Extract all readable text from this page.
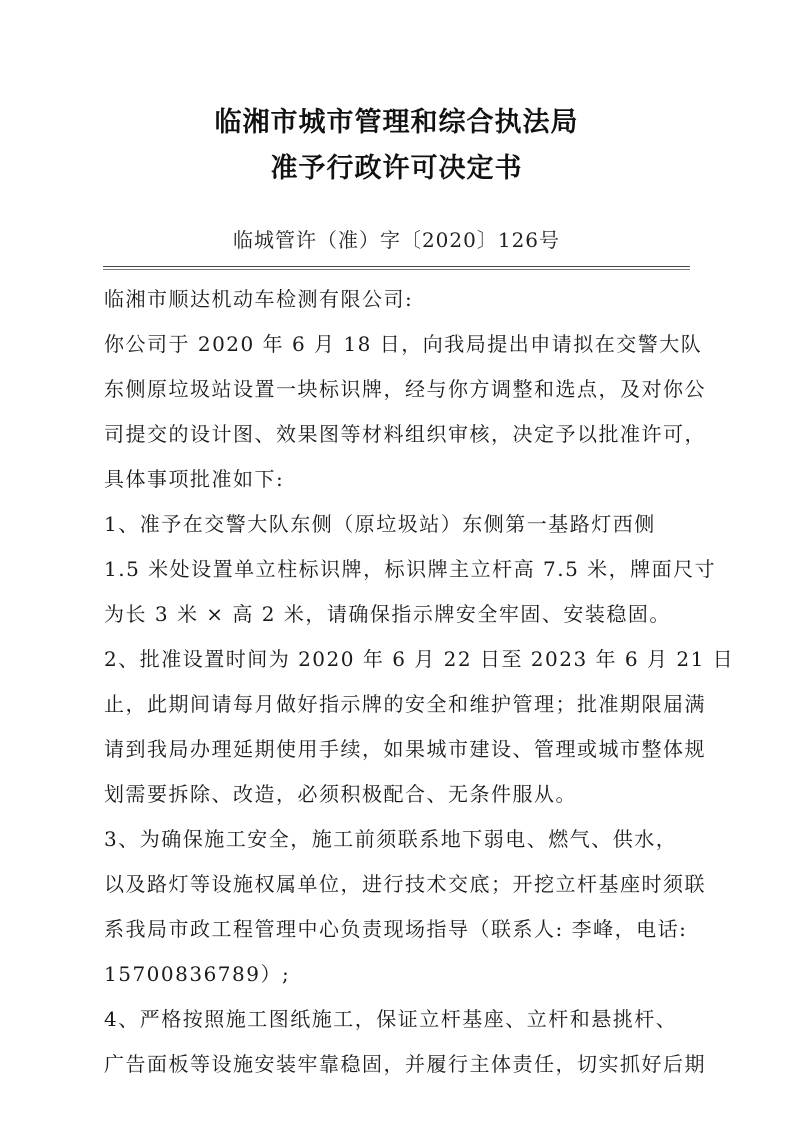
临湘市城市管理和综合执法局
准予行政许可决定书
临城管许（准）字〔2020〕126号
临湘市顺达机动车检测有限公司:
你公司于 2020 年 6 月 18 日，向我局提出申请拟在交警大队
东侧原垃圾站设置一块标识牌，经与你方调整和选点，及对你公
司提交的设计图、效果图等材料组织审核，决定予以批准许可，
具体事项批准如下:
1、准予在交警大队东侧（原垃圾站）东侧第一基路灯西侧
1.5 米处设置单立柱标识牌，标识牌主立杆高 7.5 米，牌面尺寸
为长 3 米 × 高 2 米，请确保指示牌安全牢固、安装稳固。
2、批准设置时间为 2020 年 6 月 22 日至 2023 年 6 月 21 日
止，此期间请每月做好指示牌的安全和维护管理；批准期限届满
请到我局办理延期使用手续，如果城市建设、管理或城市整体规
划需要拆除、改造，必须积极配合、无条件服从。
3、为确保施工安全，施工前须联系地下弱电、燃气、供水，
以及路灯等设施权属单位，进行技术交底；开挖立杆基座时须联
系我局市政工程管理中心负责现场指导（联系人: 李峰，电话:
15700836789）;
4、严格按照施工图纸施工，保证立杆基座、立杆和悬挑杆、
广告面板等设施安装牢靠稳固，并履行主体责任，切实抓好后期
